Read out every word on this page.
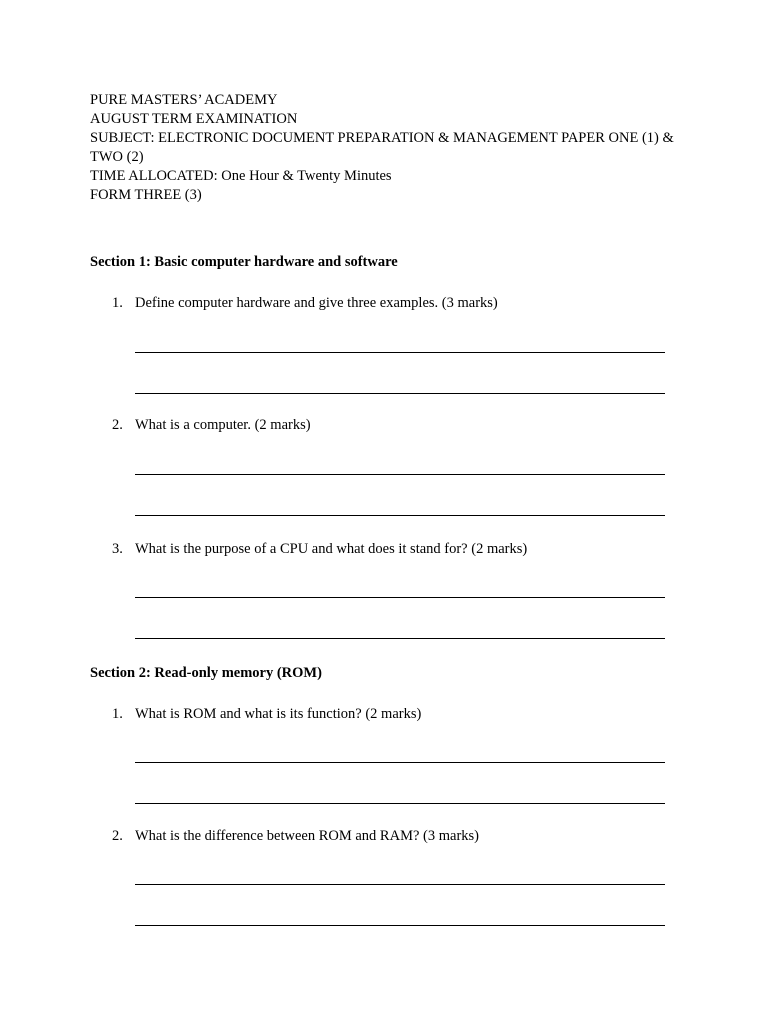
PURE MASTERS’ ACADEMY
AUGUST TERM EXAMINATION
SUBJECT: ELECTRONIC DOCUMENT PREPARATION & MANAGEMENT PAPER ONE (1) &
TWO (2)
TIME ALLOCATED: One Hour & Twenty Minutes
FORM THREE (3)
Section 1: Basic computer hardware and software
1. Define computer hardware and give three examples. (3 marks)
2. What is a computer. (2 marks)
3. What is the purpose of a CPU and what does it stand for? (2 marks)
Section 2: Read-only memory (ROM)
1. What is ROM and what is its function? (2 marks)
2. What is the difference between ROM and RAM? (3 marks)
